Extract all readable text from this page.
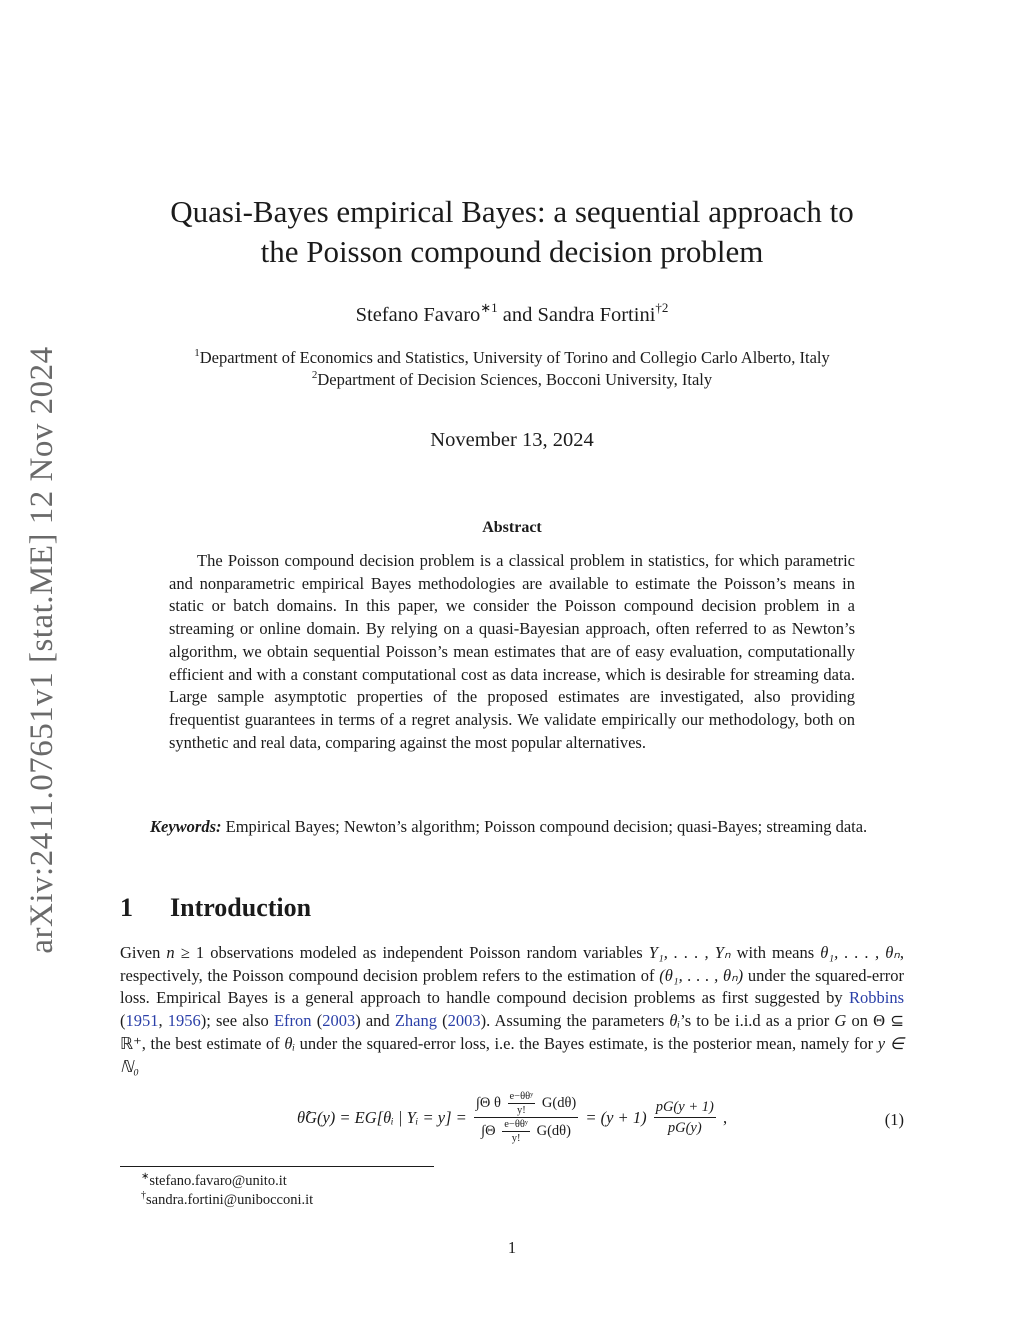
arXiv:2411.07651v1 [stat.ME] 12 Nov 2024
Quasi-Bayes empirical Bayes: a sequential approach to
the Poisson compound decision problem
Stefano Favaro$^{∗1}$ and Sandra Fortini$^{\dagger 2}$
$^1$Department of Economics and Statistics, University of Torino and Collegio Carlo Alberto, Italy
$^2$Department of Decision Sciences, Bocconi University, Italy
November 13, 2024
Abstract
The Poisson compound decision problem is a classical problem in statistics, for which parametric and nonparametric empirical Bayes methodologies are available to estimate the Poisson’s means in static or batch domains. In this paper, we consider the Poisson compound decision problem in a streaming or online domain. By relying on a quasi-Bayesian approach, often referred to as Newton’s algorithm, we obtain sequential Poisson’s mean estimates that are of easy evaluation, computationally efficient and with a constant computational cost as data increase, which is desirable for streaming data. Large sample asymptotic properties of the proposed estimates are investigated, also providing frequentist guarantees in terms of a regret analysis. We validate empirically our methodology, both on synthetic and real data, comparing against the most popular alternatives.
Keywords: Empirical Bayes; Newton’s algorithm; Poisson compound decision; quasi-Bayes; streaming data.
1 Introduction
Given n ≥ 1 observations modeled as independent Poisson random variables Y₁, . . . , Yₙ with means θ₁, . . . , θₙ, respectively, the Poisson compound decision problem refers to the estimation of (θ₁, . . . , θₙ) under the squared-error loss. Empirical Bayes is a general approach to handle compound decision problems as first suggested by Robbins (1951, 1956); see also Efron (2003) and Zhang (2003). Assuming the parameters θᵢ’s to be i.i.d as a prior G on Θ ⊆ ℝ⁺, the best estimate of θᵢ under the squared-error loss, i.e. the Bayes estimate, is the posterior mean, namely for y ∈ ℕ₀
θ̂G(y) = EG[θᵢ | Yᵢ = y] =
∫Θ θ $\frac{\text{e−θθʸ}}{y!} G(d\theta)$
$\int\Theta \frac{\text{e−θθʸ}}{y!} G(d\theta)$
= $(y + 1) \frac{pG(y + 1)}{pG(y)}$ ,	(1)
∗stefano.favaro@unito.it
†sandra.fortini@unibocconi.it
1
